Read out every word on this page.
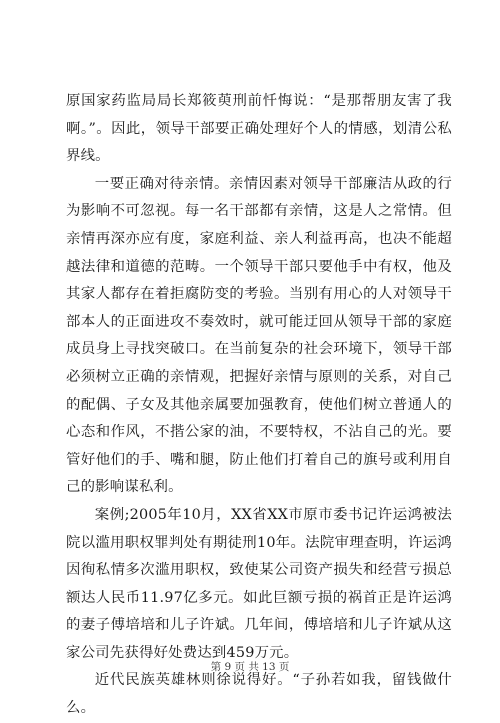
原国家药监局局长郑筱萸刑前忏悔说：“是那帮朋友害了我啊。”。因此，领导干部要正确处理好个人的情感，划清公私界线。

一要正确对待亲情。亲情因素对领导干部廉洁从政的行为影响不可忽视。每一名干部都有亲情，这是人之常情。但亲情再深亦应有度，家庭利益、亲人利益再高，也决不能超越法律和道德的范畴。一个领导干部只要他手中有权，他及其家人都存在着拒腐防变的考验。当别有用心的人对领导干部本人的正面进攻不奏效时，就可能迂回从领导干部的家庭成员身上寻找突破口。在当前复杂的社会环境下，领导干部必须树立正确的亲情观，把握好亲情与原则的关系，对自己的配偶、子女及其他亲属要加强教育，使他们树立普通人的心态和作风，不揩公家的油，不要特权，不沾自己的光。要管好他们的手、嘴和腿，防止他们打着自己的旗号或利用自己的影响谋私利。

案例;2005年10月，XX省XX市原市委书记许运鸿被法院以滥用职权罪判处有期徒刑10年。法院审理查明，许运鸿因徇私情多次滥用职权，致使某公司资产损失和经营亏损总额达人民币11.97亿多元。如此巨额亏损的祸首正是许运鸿的妻子傅培培和儿子许斌。几年间，傅培培和儿子许斌从这家公司先获得好处费达到459万元。

近代民族英雄林则徐说得好。“子孙若如我，留钱做什么。

第 9 页 共 13 页
